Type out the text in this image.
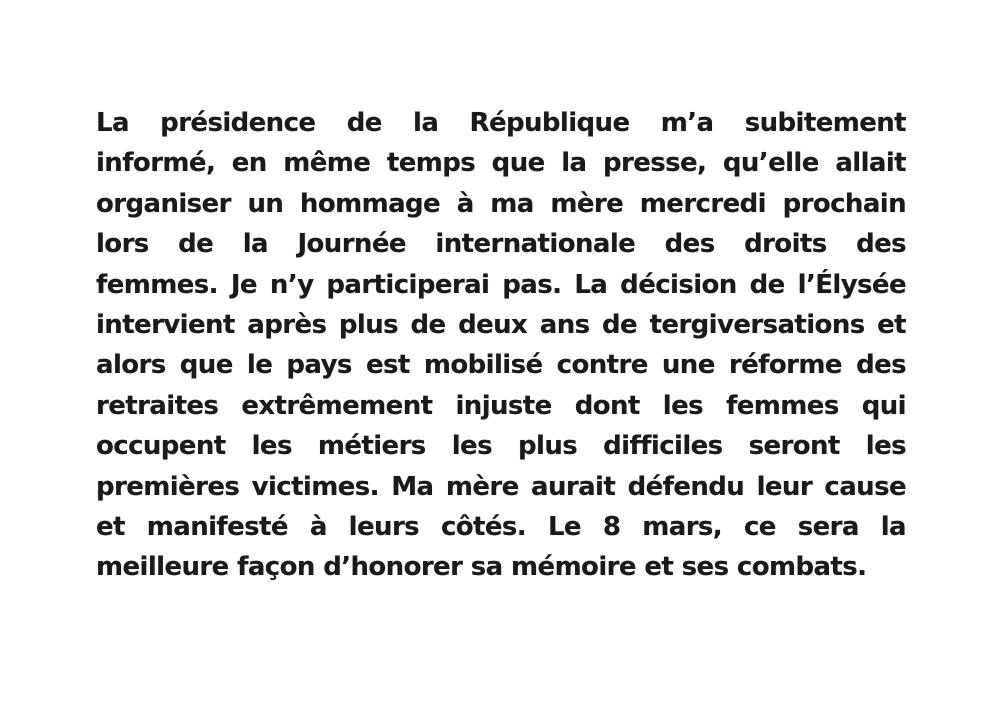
La présidence de la République m’a subitement
informé, en même temps que la presse, qu’elle allait
organiser un hommage à ma mère mercredi prochain
lors de la Journée internationale des droits des
femmes. Je n’y participerai pas. La décision de l’Élysée
intervient après plus de deux ans de tergiversations et
alors que le pays est mobilisé contre une réforme des
retraites extrêmement injuste dont les femmes qui
occupent les métiers les plus difficiles seront les
premières victimes. Ma mère aurait défendu leur cause
et manifesté à leurs côtés. Le 8 mars, ce sera la
meilleure façon d’honorer sa mémoire et ses combats.
